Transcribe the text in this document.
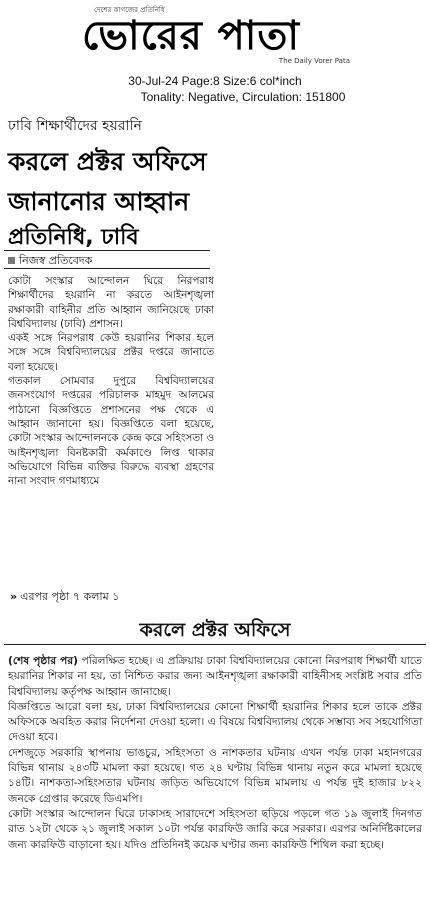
দেশের কাগজের প্রতিনিধি
ভোরের পাতা
The Daily Vorer Pata
30-Jul-24 Page:8 Size:6 col*inch
Tonality: Negative, Circulation: 151800
ঢাবি শিক্ষার্থীদের হয়রানি
করলে প্রক্টর অফিসে
জানানোর আহ্বান
প্রতিনিধি, ঢাবি
নিজস্ব প্রতিবেদক

কোটা সংস্কার আন্দোলন ঘিরে নিরপরাধ শিক্ষার্থীদের হয়রানি না করতে আইনশৃঙ্খলা রক্ষাকারী বাহিনীর প্রতি আহ্বান জানিয়েছে ঢাকা বিশ্ববিদ্যালয় (ঢাবি) প্রশাসন।

একই সঙ্গে নিরপরাধ কেউ হয়রানির শিকার হলে সঙ্গে সঙ্গে বিশ্ববিদ্যালয়ের প্রক্টর দপ্তরে জানাতে বলা হয়েছে।

গতকাল সোমবার দুপুরে বিশ্ববিদ্যালয়ের জনসংযোগ দপ্তরের পরিচালক মাহমুদ আলমের পাঠানো বিজ্ঞপ্তিতে প্রশাসনের পক্ষ থেকে এ আহ্বান জানানো হয়। বিজ্ঞপ্তিতে বলা হয়েছে, কোটা সংস্কার আন্দোলনকে কেন্দ্র করে সহিংসতা ও আইনশৃঙ্খলা বিনষ্টকারী কর্মকাণ্ডে লিপ্ত থাকার অভিযোগে বিভিন্ন ব্যক্তির বিরুদ্ধে ব্যবস্থা গ্রহণের নানা সংবাদ গণমাধ্যমে

» এরপর পৃষ্ঠা ৭ কলাম ১
করলে প্রক্টর অফিসে

(শেষ পৃষ্ঠার পর) পরিলক্ষিত হচ্ছে। এ প্রক্রিয়ায় ঢাকা বিশ্ববিদ্যালয়ের কোনো নিরপরাধ শিক্ষার্থী যাতে হয়রানির শিকার না হয়, তা নিশ্চিত করার জন্য আইনশৃঙ্খলা রক্ষাকারী বাহিনীসহ সংশ্লিষ্ট সবার প্রতি বিশ্ববিদ্যালয় কর্তৃপক্ষ আহ্বান জানাচ্ছে।

বিজ্ঞপ্তিতে আরো বলা হয়, ঢাকা বিশ্ববিদ্যালয়ের কোনো শিক্ষার্থী হয়রানির শিকার হলে তাকে প্রক্টর অফিসকে অবহিত করার নির্দেশনা দেওয়া হলো। এ বিষয়ে বিশ্ববিদ্যালয় থেকে সম্ভাব্য সব সহযোগিতা দেওয়া হবে।

দেশজুড়ে সরকারি স্থাপনায় ভাঙচুর, সহিংসতা ও নাশকতার ঘটনায় এখন পর্যন্ত ঢাকা মহানগরের বিভিন্ন থানায় ২৪৩টি মামলা করা হয়েছে। গত ২৪ ঘণ্টায় বিভিন্ন থানায় নতুন করে মামলা হয়েছে ১৪টি। নাশকতা-সহিংসতার ঘটনায় জড়িত অভিযোগে বিভিন্ন মামলায় এ পর্যন্ত দুই হাজার ৮২২ জনকে গ্রেপ্তার করেছে ডিএমপি।

কোটা সংস্কার আন্দোলন ঘিরে ঢাকাসহ সারাদেশে সহিংসতা ছড়িয়ে পড়লে গত ১৯ জুলাই দিনগত রাত ১২টা থেকে ২১ জুলাই সকাল ১০টা পর্যন্ত কারফিউ জারি করে সরকার। এরপর অনির্দিষ্টকালের জন্য কারফিউ বাড়ানো হয়। যদিও প্রতিদিনই কয়েক ঘণ্টার জন্য কারফিউ শিথিল করা হচ্ছে।
